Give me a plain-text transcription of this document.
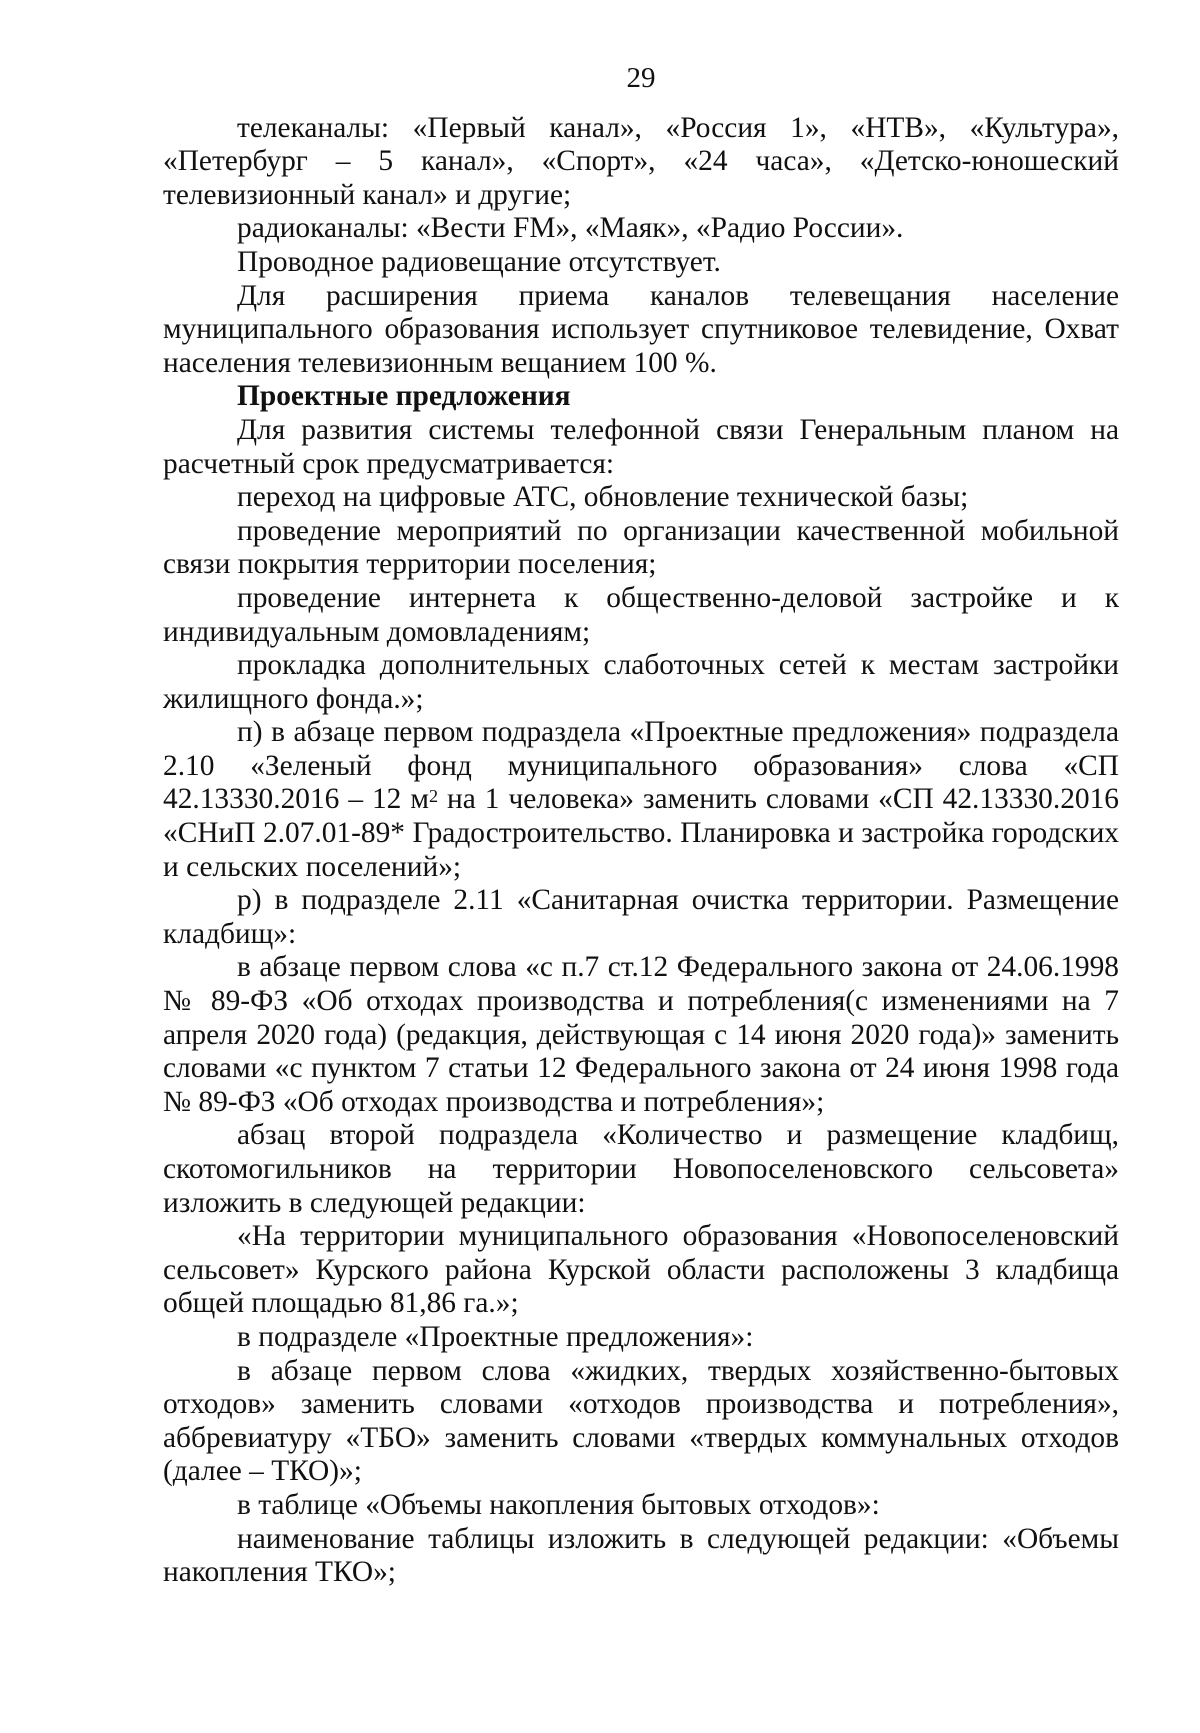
29

телеканалы: «Первый канал», «Россия 1», «НТВ», «Культура», «Петербург – 5 канал», «Спорт», «24 часа», «Детско-юношеский телевизионный канал» и другие;

радиоканалы: «Вести FM», «Маяк», «Радио России».

Проводное радиовещание отсутствует.

Для расширения приема каналов телевещания население муниципального образования использует спутниковое телевидение, Охват населения телевизионным вещанием 100 %.

Проектные предложения

Для развития системы телефонной связи Генеральным планом на расчетный срок предусматривается:

переход на цифровые АТС, обновление технической базы;

проведение мероприятий по организации качественной мобильной связи покрытия территории поселения;

проведение интернета к общественно-деловой застройке и к индивидуальным домовладениям;

прокладка дополнительных слаботочных сетей к местам застройки жилищного фонда.»;

п) в абзаце первом подраздела «Проектные предложения» подраздела 2.10 «Зеленый фонд муниципального образования» слова «СП 42.13330.2016 – 12 $м^2$ на 1 человека» заменить словами «СП 42.13330.2016 «СНиП 2.07.01-89* Градостроительство. Планировка и застройка городских и сельских поселений»;

р) в подразделе 2.11 «Санитарная очистка территории. Размещение кладбищ»:

в абзаце первом слова «с п.7 ст.12 Федерального закона от 24.06.1998 № 89-ФЗ «Об отходах производства и потребления(с изменениями на 7 апреля 2020 года) (редакция, действующая с 14 июня 2020 года)» заменить словами «с пунктом 7 статьи 12 Федерального закона от 24 июня 1998 года № 89-ФЗ «Об отходах производства и потребления»;

абзац второй подраздела «Количество и размещение кладбищ, скотомогильников на территории Новопоселеновского сельсовета» изложить в следующей редакции:

«На территории муниципального образования «Новопоселеновский сельсовет» Курского района Курской области расположены 3 кладбища общей площадью 81,86 га.»;

в подразделе «Проектные предложения»:

в абзаце первом слова «жидких, твердых хозяйственно-бытовых отходов» заменить словами «отходов производства и потребления», аббревиатуру «ТБО» заменить словами «твердых коммунальных отходов (далее – ТКО)»;

в таблице «Объемы накопления бытовых отходов»:

наименование таблицы изложить в следующей редакции: «Объемы накопления ТКО»;
